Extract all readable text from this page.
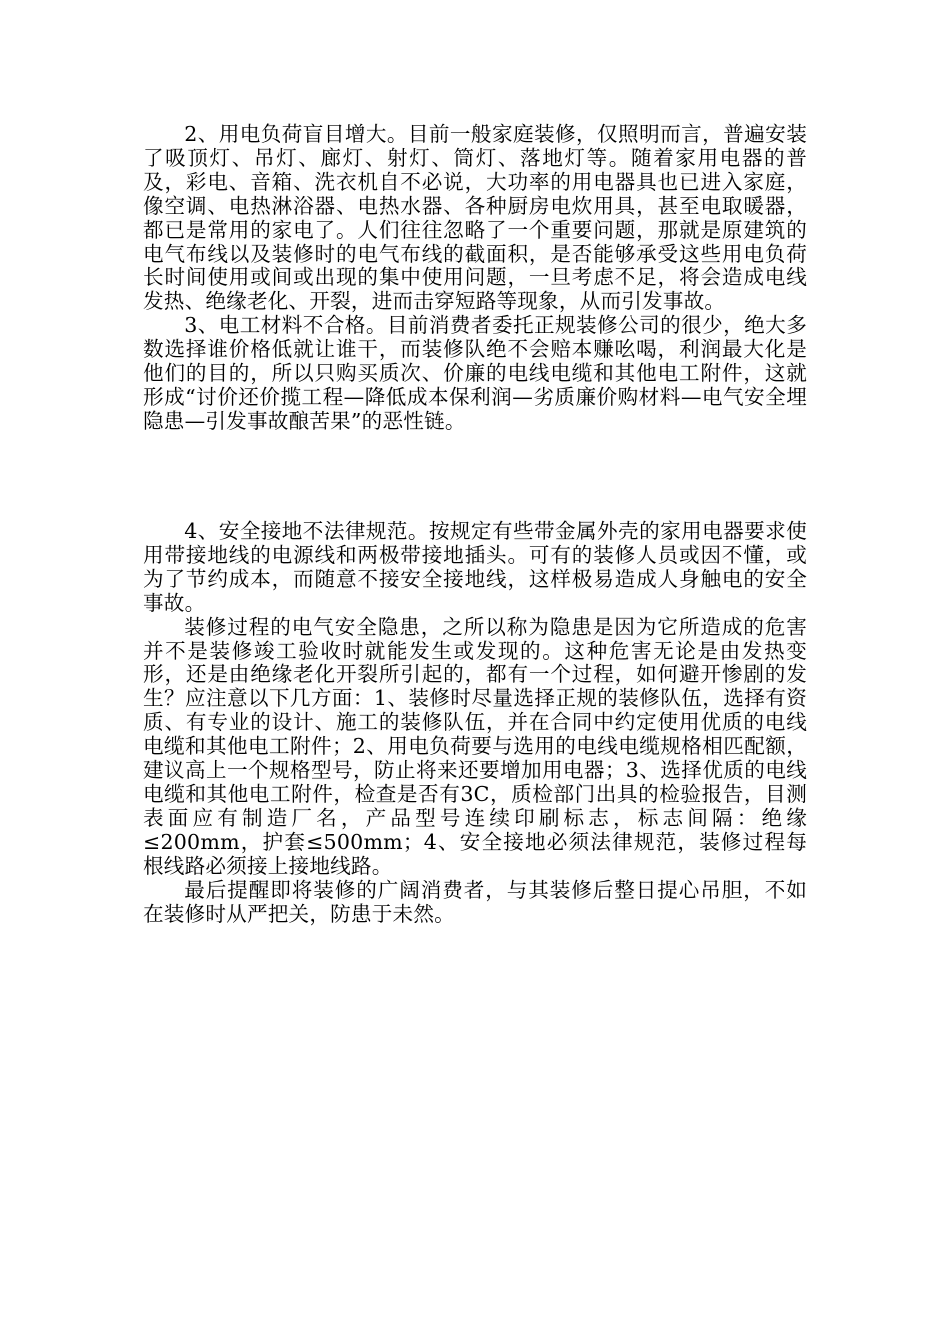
2、用电负荷盲目增大。目前一般家庭装修，仅照明而言，普遍安装了吸顶灯、吊灯、廊灯、射灯、筒灯、落地灯等。随着家用电器的普及，彩电、音箱、洗衣机自不必说，大功率的用电器具也已进入家庭，像空调、电热淋浴器、电热水器、各种厨房电炊用具，甚至电取暖器，都已是常用的家电了。人们往往忽略了一个重要问题，那就是原建筑的电气布线以及装修时的电气布线的截面积，是否能够承受这些用电负荷长时间使用或间或出现的集中使用问题，一旦考虑不足，将会造成电线发热、绝缘老化、开裂，进而击穿短路等现象，从而引发事故。

3、电工材料不合格。目前消费者委托正规装修公司的很少，绝大多数选择谁价格低就让谁干，而装修队绝不会赔本赚吆喝，利润最大化是他们的目的，所以只购买质次、价廉的电线电缆和其他电工附件，这就形成“讨价还价揽工程—降低成本保利润—劣质廉价购材料—电气安全埋隐患—引发事故酿苦果”的恶性链。

4、安全接地不法律规范。按规定有些带金属外壳的家用电器要求使用带接地线的电源线和两极带接地插头。可有的装修人员或因不懂，或为了节约成本，而随意不接安全接地线，这样极易造成人身触电的安全事故。

装修过程的电气安全隐患，之所以称为隐患是因为它所造成的危害并不是装修竣工验收时就能发生或发现的。这种危害无论是由发热变形，还是由绝缘老化开裂所引起的，都有一个过程，如何避开惨剧的发生？应注意以下几方面：1、装修时尽量选择正规的装修队伍，选择有资质、有专业的设计、施工的装修队伍，并在合同中约定使用优质的电线电缆和其他电工附件；2、用电负荷要与选用的电线电缆规格相匹配额，建议高上一个规格型号，防止将来还要增加用电器；3、选择优质的电线电缆和其他电工附件，检查是否有3C，质检部门出具的检验报告，目测表面应有制造厂名，产品型号连续印刷标志，标志间隔：绝缘≤200mm，护套≤500mm；4、安全接地必须法律规范，装修过程每根线路必须接上接地线路。

最后提醒即将装修的广阔消费者，与其装修后整日提心吊胆，不如在装修时从严把关，防患于未然。
